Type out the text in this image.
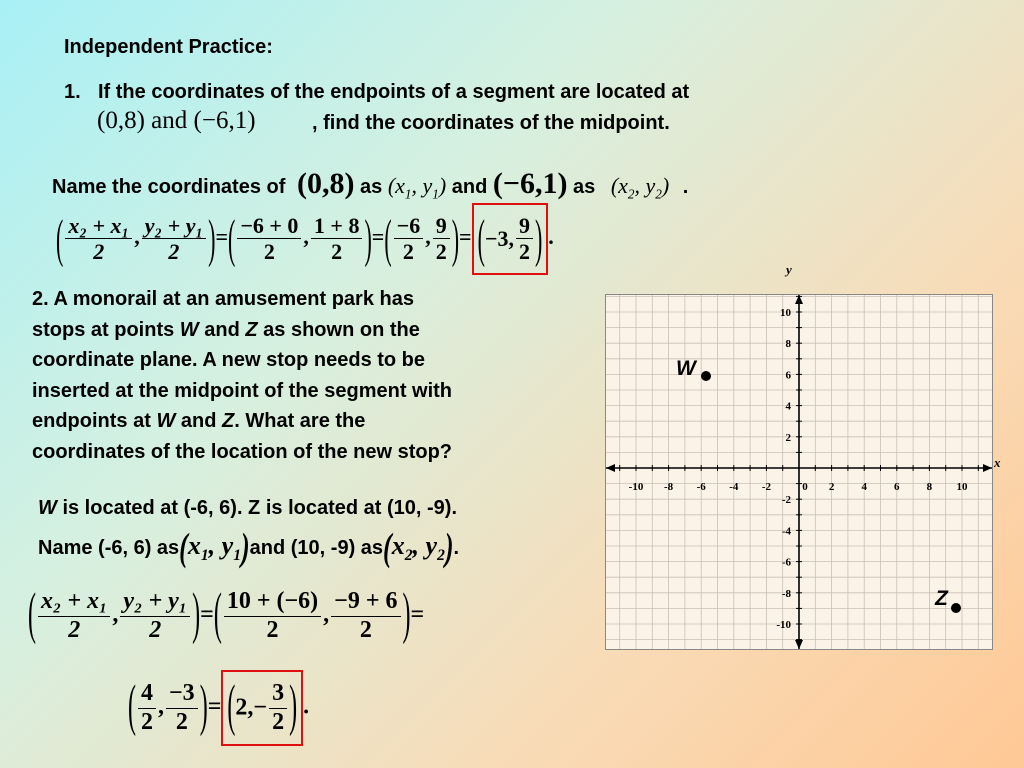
Independent Practice:
1. If the coordinates of the endpoints of a segment are located at
(0,8) and (−6,1)	, find the coordinates of the midpoint.
Name the coordinates of (0,8) as ($x_1$, $y_1$) and (−6,1) as ($x_2$, $y_2$) .
( $\frac{\text{x₂ + x₁}}{2}$ , $\frac{\text{y₂ + y₁}}{2}$ )=( $\frac{-6 + 0}{2}$ , $\frac{1 + 8}{2}$ )=( $\frac{-6}{2}$ , $\frac{9}{2}$ )= (−3, $\frac{9}{2}$ ) .
2. A monorail at an amusement park has
stops at points W and Z as shown on the
coordinate plane. A new stop needs to be
inserted at the midpoint of the segment with
endpoints at W and Z. What are the
coordinates of the location of the new stop?
W is located at (-6, 6). Z is located at (10, -9).
Name (-6, 6) $as(x_1$, $y_1)and$ (10, -9) $as(x_2$, $y_2$).
( $\frac{\text{x₂ + x₁}}{2}$ , $\frac{\text{y₂ + y₁}}{2}$ )=( $\frac{10 + (-6)}{2}$ , $\frac{-9 + 6}{2}$ )=
( $\frac{4}{2}$ , $\frac{-3}{2}$ )= ($2,- \frac{3}{2}$ ) .
-10 -8 -6 -4 -2	0 2 4 6 8 10
10
8
6
4
2
-2
-4
-6
-8
-10
y
x
W
Z
